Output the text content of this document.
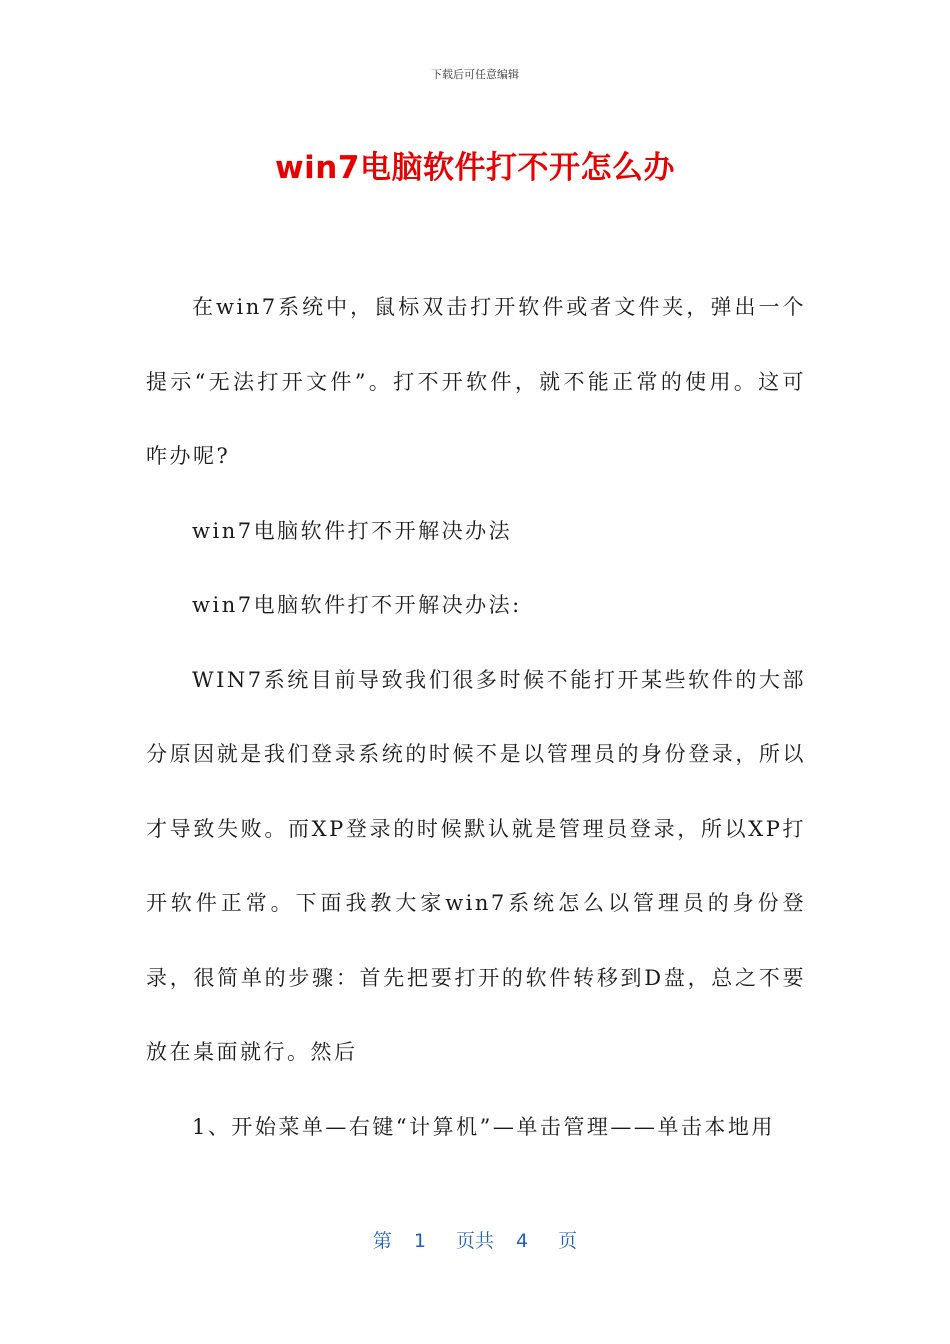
下载后可任意编辑
win7电脑软件打不开怎么办

在win7系统中，鼠标双击打开软件或者文件夹，弹出一个提示“无法打开文件”。打不开软件，就不能正常的使用。这可咋办呢?

win7电脑软件打不开解决办法

win7电脑软件打不开解决办法:

WIN7系统目前导致我们很多时候不能打开某些软件的大部分原因就是我们登录系统的时候不是以管理员的身份登录，所以才导致失败。而XP登录的时候默认就是管理员登录，所以XP打开软件正常。下面我教大家win7系统怎么以管理员的身份登录，很简单的步骤：首先把要打开的软件转移到D盘，总之不要放在桌面就行。然后

1、开始菜单—右键“计算机”—单击管理——单击本地用

第 1 页共 4 页
